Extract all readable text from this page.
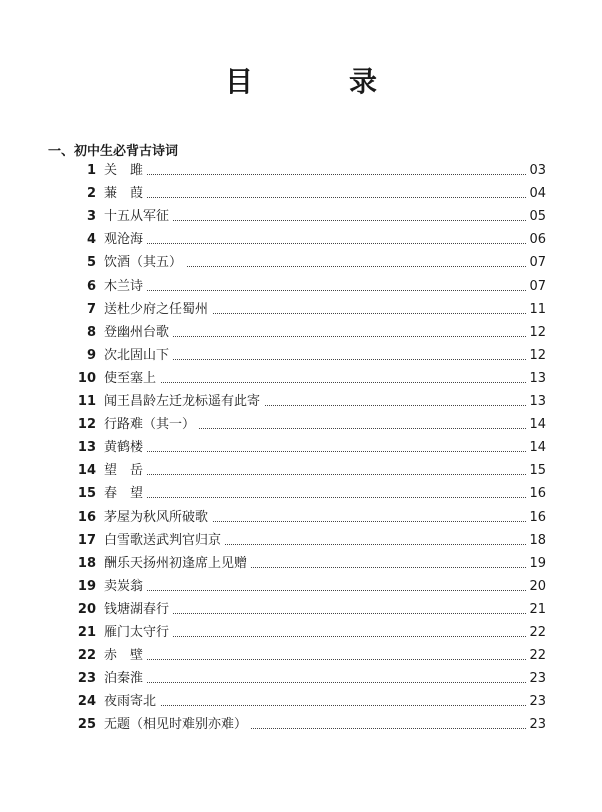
目　录
一、初中生必背古诗词
1 关　雎	03
2 蒹　葭	04
3 十五从军征	05
4 观沧海	06
5 饮酒（其五）	07
6 木兰诗	07
7 送杜少府之任蜀州	11
8 登幽州台歌	12
9 次北固山下	12
10 使至塞上	13
11 闻王昌龄左迁龙标遥有此寄	13
12 行路难（其一）	14
13 黄鹤楼	14
14 望　岳	15
15 春　望	16
16 茅屋为秋风所破歌	16
17 白雪歌送武判官归京	18
18 酬乐天扬州初逢席上见赠	19
19 卖炭翁	20
20 钱塘湖春行	21
21 雁门太守行	22
22 赤　壁	22
23 泊秦淮	23
24 夜雨寄北	23
25 无题（相见时难别亦难）	23
